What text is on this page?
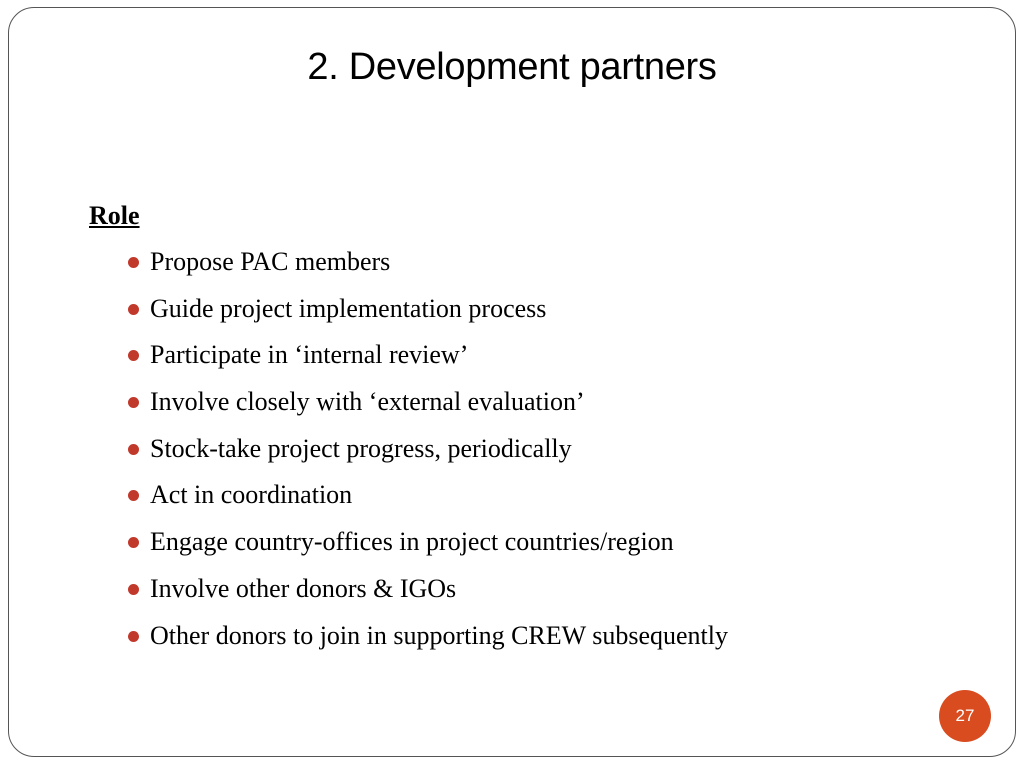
2. Development partners
Role
Propose PAC members
Guide project implementation process
Participate in ‘internal review’
Involve closely with ‘external evaluation’
Stock-take project progress, periodically
Act in coordination
Engage country-offices in project countries/region
Involve other donors & IGOs
Other donors to join in supporting CREW subsequently
27
